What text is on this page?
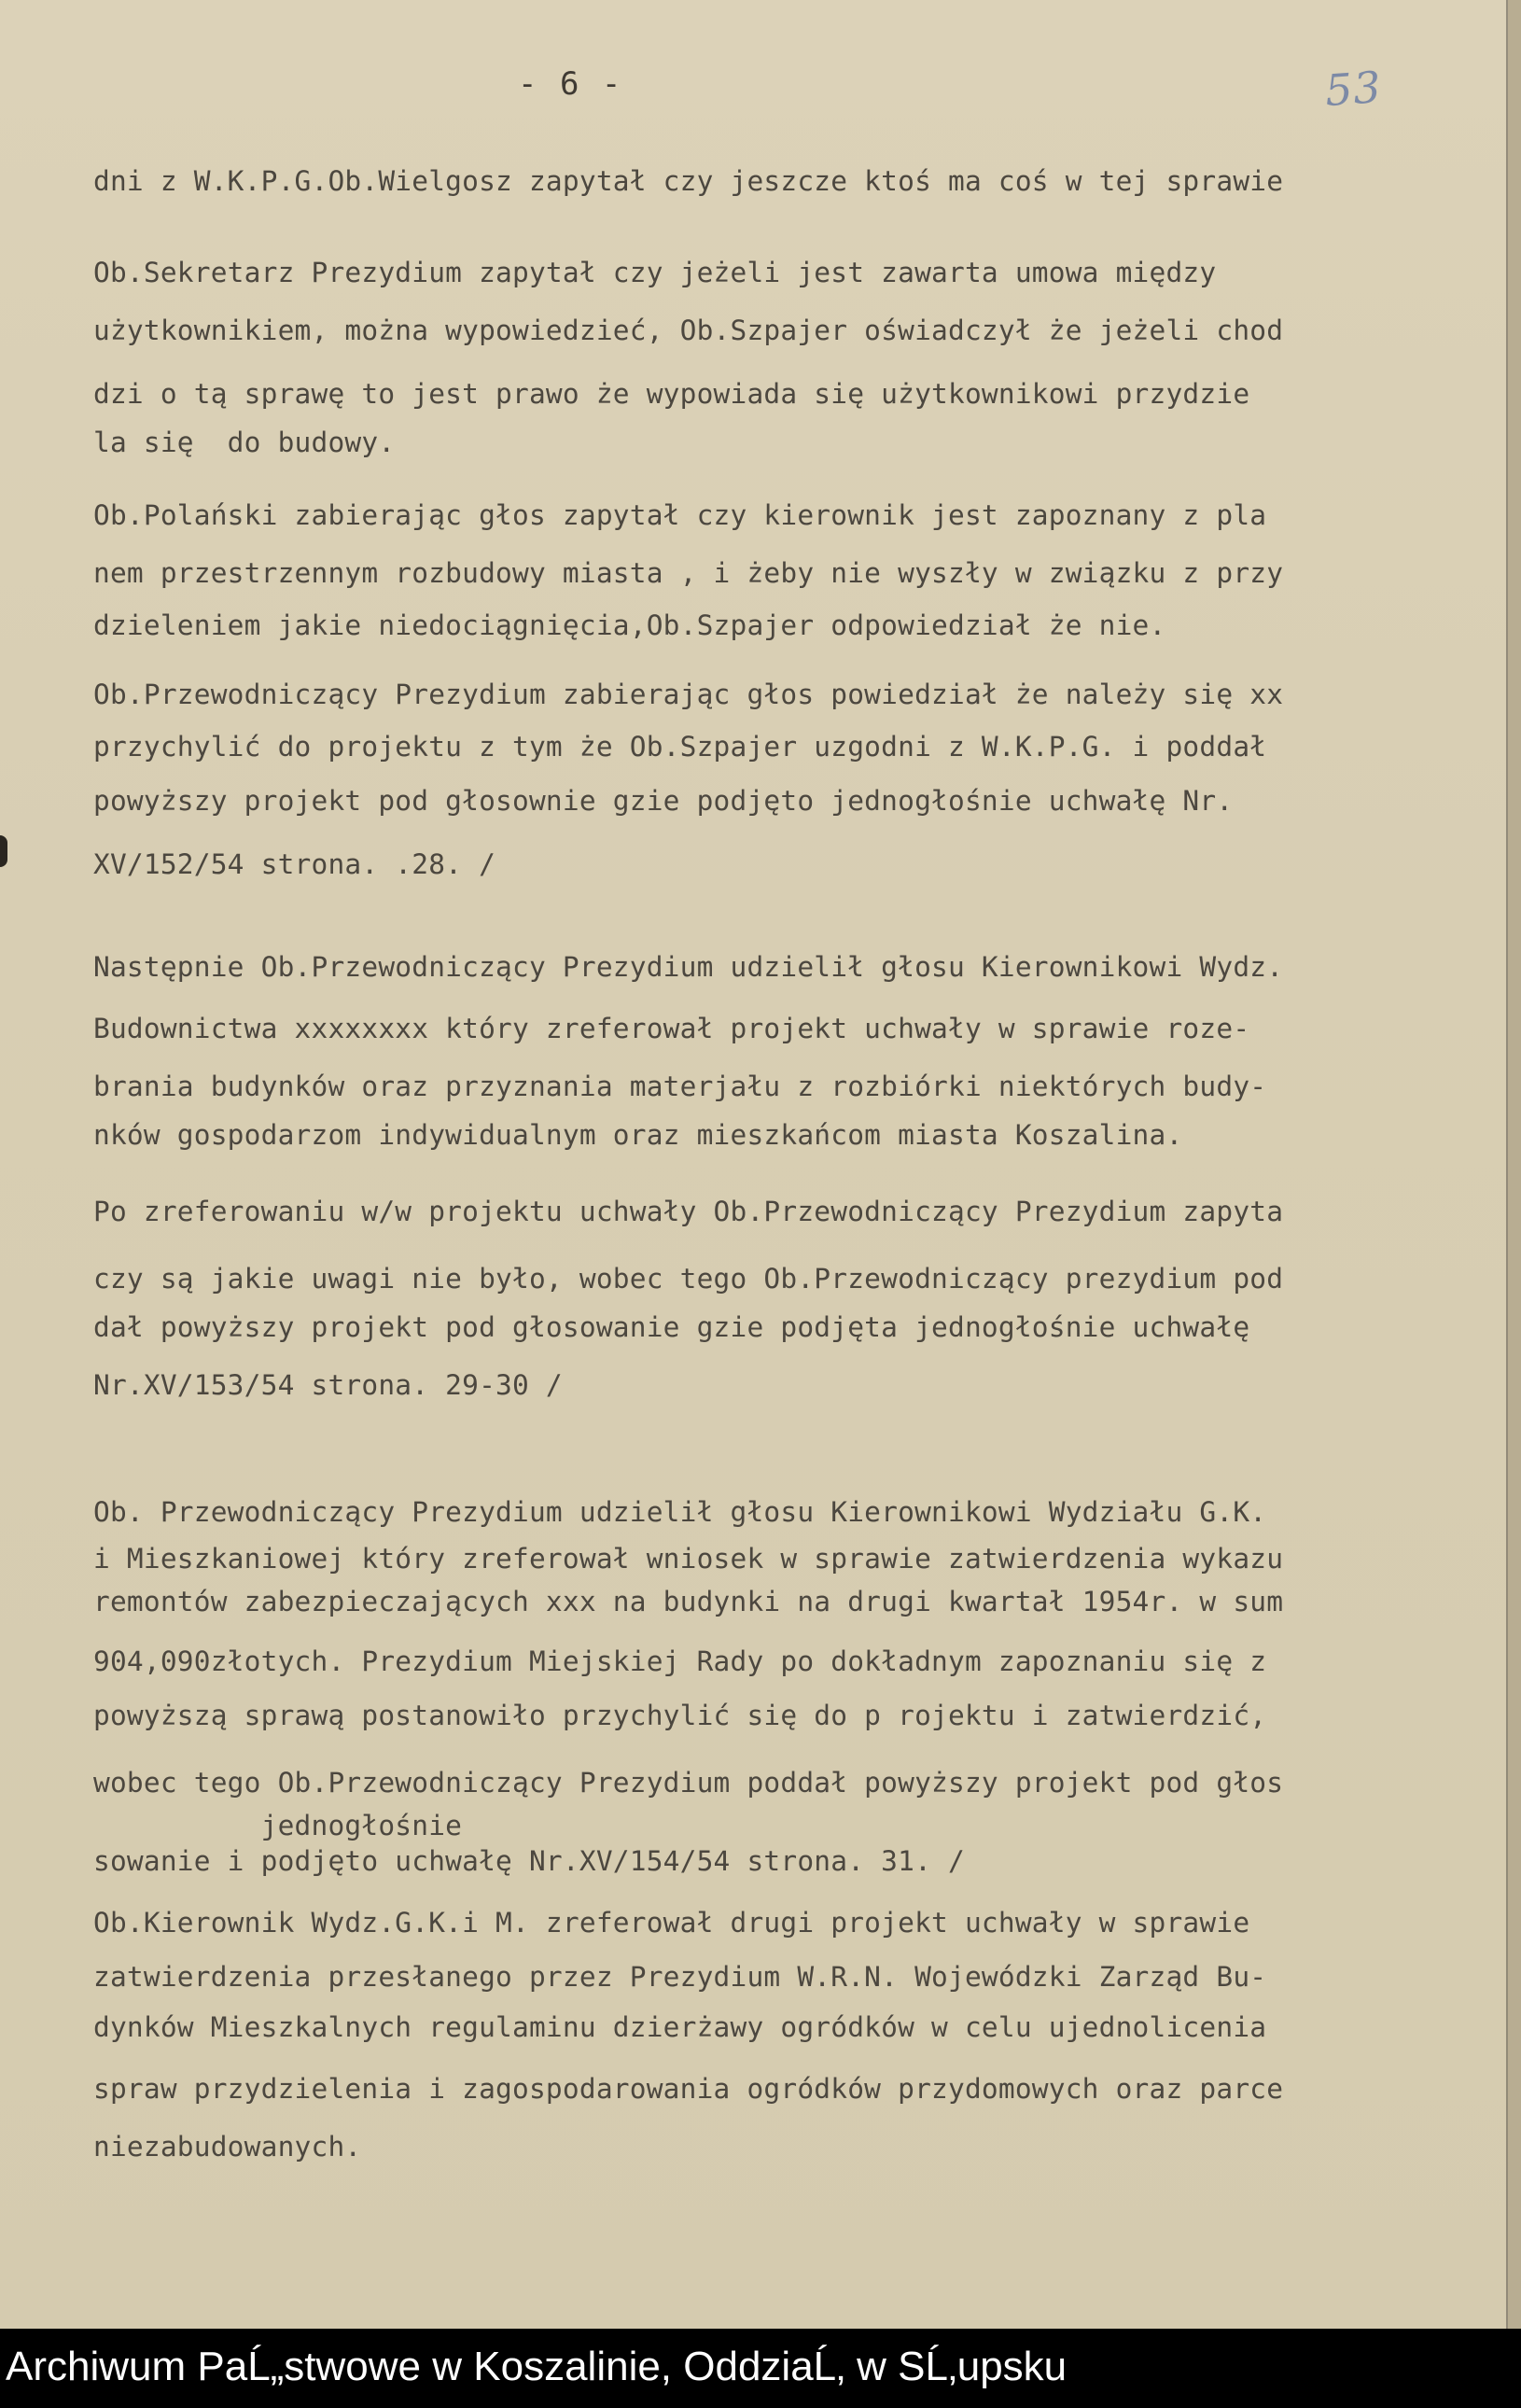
- 6 -	53
dni z W.K.P.G.Ob.Wielgosz zapytał czy jeszcze ktoś ma coś w tej sprawie
Ob.Sekretarz Prezydium zapytał czy jeżeli jest zawarta umowa między
użytkownikiem, można wypowiedzieć, Ob.Szpajer oświadczył że jeżeli chod
dzi o tą sprawę to jest prawo że wypowiada się użytkownikowi przydzie
la się  do budowy.
Ob.Polański zabierając głos zapytał czy kierownik jest zapoznany z pla
nem przestrzennym rozbudowy miasta , i żeby nie wyszły w związku z przy
dzieleniem jakie niedociągnięcia,Ob.Szpajer odpowiedział że nie.
Ob.Przewodniczący Prezydium zabierając głos powiedział że należy się xx
przychylić do projektu z tym że Ob.Szpajer uzgodni z W.K.P.G. i poddał
powyższy projekt pod głosownie gzie podjęto jednogłośnie uchwałę Nr.
XV/152/54 strona. .28. /
Następnie Ob.Przewodniczący Prezydium udzielił głosu Kierownikowi Wydz.
Budownictwa xxxxxxxx który zreferował projekt uchwały w sprawie roze-
brania budynków oraz przyznania materjału z rozbiórki niektórych budy-
nków gospodarzom indywidualnym oraz mieszkańcom miasta Koszalina.
Po zreferowaniu w/w projektu uchwały Ob.Przewodniczący Prezydium zapyta
czy są jakie uwagi nie było, wobec tego Ob.Przewodniczący prezydium pod
dał powyższy projekt pod głosowanie gzie podjęta jednogłośnie uchwałę
Nr.XV/153/54 strona. 29-30 /
Ob. Przewodniczący Prezydium udzielił głosu Kierownikowi Wydziału G.K.
i Mieszkaniowej który zreferował wniosek w sprawie zatwierdzenia wykazu
remontów zabezpieczających xxx na budynki na drugi kwartał 1954r. w sum
904,090złotych. Prezydium Miejskiej Rady po dokładnym zapoznaniu się z
powyższą sprawą postanowiło przychylić się do p rojektu i zatwierdzić,
wobec tego Ob.Przewodniczący Prezydium poddał powyższy projekt pod głos
jednogłośnie
sowanie i podjęto uchwałę Nr.XV/154/54 strona. 31. /
Ob.Kierownik Wydz.G.K.i M. zreferował drugi projekt uchwały w sprawie
zatwierdzenia przesłanego przez Prezydium W.R.N. Wojewódzki Zarząd Bu-
dynków Mieszkalnych regulaminu dzierżawy ogródków w celu ujednolicenia
spraw przydzielenia i zagospodarowania ogródków przydomowych oraz parce
niezabudowanych.
Archiwum PaĹ„stwowe w Koszalinie, OddziaĹ‚ w SĹ‚upsku
